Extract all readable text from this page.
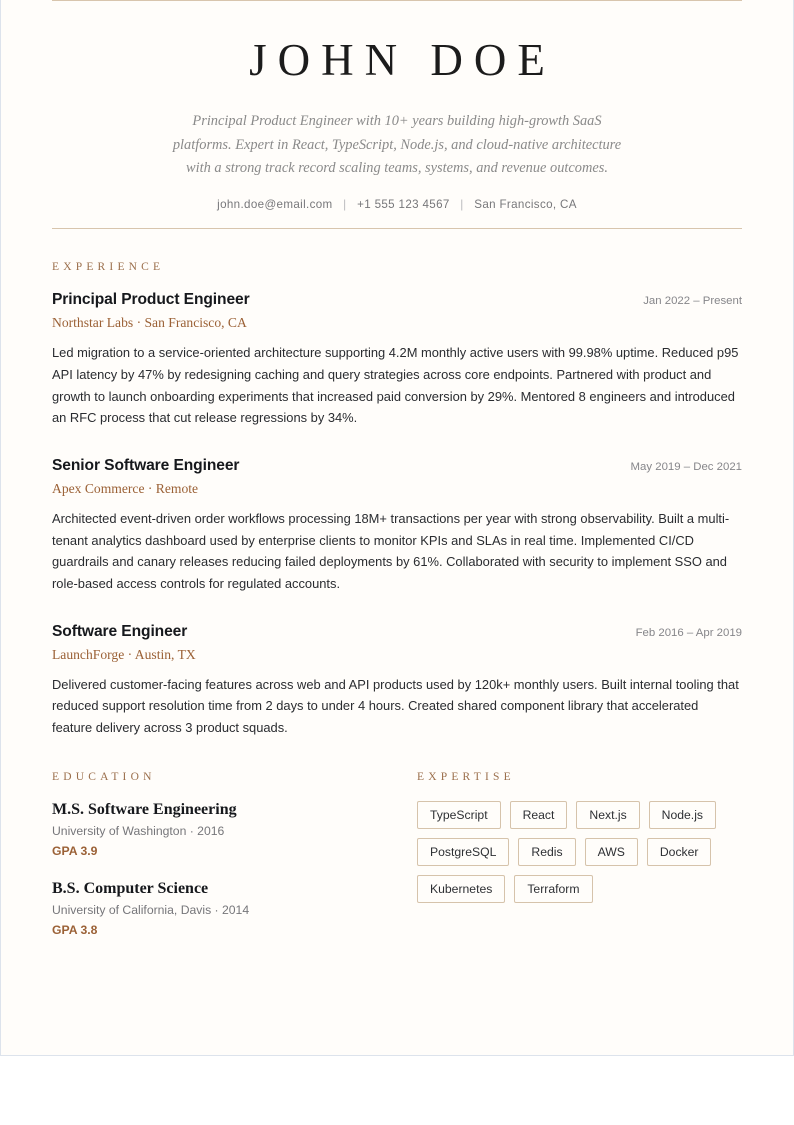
JOHN DOE

Principal Product Engineer with 10+ years building high-growth SaaS platforms. Expert in React, TypeScript, Node.js, and cloud-native architecture with a strong track record scaling teams, systems, and revenue outcomes.

john.doe@email.com | +1 555 123 4567 | San Francisco, CA
EXPERIENCE
Principal Product Engineer	Jan 2022 – Present

Northstar Labs · San Francisco, CA

Led migration to a service-oriented architecture supporting 4.2M monthly active users with 99.98% uptime. Reduced p95 API latency by 47% by redesigning caching and query strategies across core endpoints. Partnered with product and growth to launch onboarding experiments that increased paid conversion by 29%. Mentored 8 engineers and introduced an RFC process that cut release regressions by 34%.

Senior Software Engineer	May 2019 – Dec 2021

Apex Commerce · Remote

Architected event-driven order workflows processing 18M+ transactions per year with strong observability. Built a multi-tenant analytics dashboard used by enterprise clients to monitor KPIs and SLAs in real time. Implemented CI/CD guardrails and canary releases reducing failed deployments by 61%. Collaborated with security to implement SSO and role-based access controls for regulated accounts.

Software Engineer	Feb 2016 – Apr 2019

LaunchForge · Austin, TX

Delivered customer-facing features across web and API products used by 120k+ monthly users. Built internal tooling that reduced support resolution time from 2 days to under 4 hours. Created shared component library that accelerated feature delivery across 3 product squads.

EDUCATION

M.S. Software Engineering

University of Washington · 2016

GPA 3.9

B.S. Computer Science

University of California, Davis · 2014

GPA 3.8

EXPERTISE
TypeScript	React	Next.js	Node.js
PostgreSQL	Redis	AWS	Docker
Kubernetes	Terraform
